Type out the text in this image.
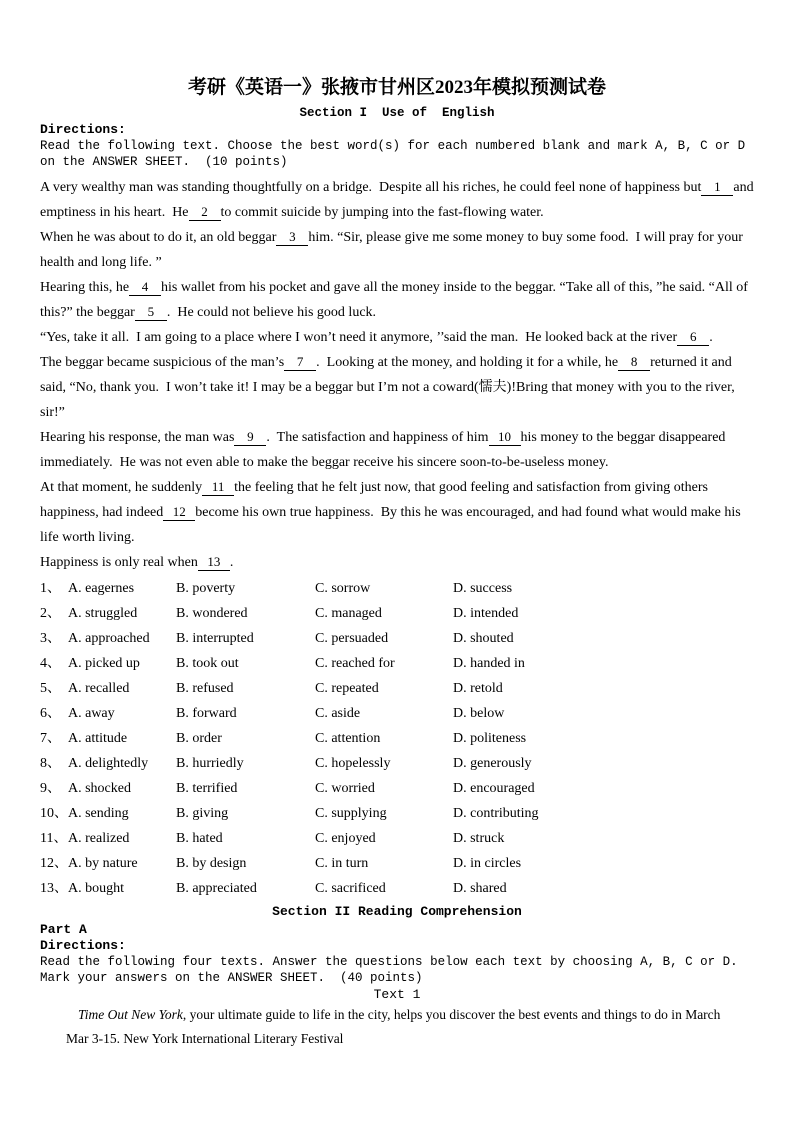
考研《英语一》张掖市甘州区2023年模拟预测试卷
Section I  Use of  English
Directions:
Read the following text. Choose the best word(s) for each numbered blank and mark A, B, C or D on the ANSWER SHEET.  (10 points)

A very wealthy man was standing thoughtfully on a bridge.  Despite all his riches, he could feel none of happiness but 1 and emptiness in his heart.  He 2 to commit suicide by jumping into the fast-flowing water.

When he was about to do it, an old beggar 3 him. “Sir, please give me some money to buy some food.  I will pray for your health and long life. ”

Hearing this, he 4 his wallet from his pocket and gave all the money inside to the beggar. “Take all of this, ”he said. “All of this?” the beggar 5 .  He could not believe his good luck.

“Yes, take it all.  I am going to a place where I won’t need it anymore, ’’said the man.  He looked back at the river 6 .

The beggar became suspicious of the man’s 7 .  Looking at the money, and holding it for a while, he 8 returned it and said, “No, thank you.  I won’t take it! I may be a beggar but I’m not a coward(懦夫)!Bring that money with you to the river, sir!”

Hearing his response, the man was 9 .  The satisfaction and happiness of him 10 his money to the beggar disappeared immediately.  He was not even able to make the beggar receive his sincere soon-to-be-useless money.

At that moment, he suddenly 11 the feeling that he felt just now, that good feeling and satisfaction from giving others happiness, had indeed 12 become his own true happiness.  By this he was encouraged, and had found what would make his life worth living.

Happiness is only real when 13 .

1、 A. eagernes	B. poverty	C. sorrow	D. success
2、 A. struggled	B. wondered	C. managed	D. intended
3、 A. approached	B. interrupted	C. persuaded	D. shouted
4、 A. picked up	B. took out	C. reached for	D. handed in
5、 A. recalled	B. refused	C. repeated	D. retold
6、 A. away	B. forward	C. aside	D. below
7、 A. attitude	B. order	C. attention	D. politeness
8、 A. delightedly	B. hurriedly	C. hopelessly	D. generously
9、 A. shocked	B. terrified	C. worried	D. encouraged
10、 A. sending	B. giving	C. supplying	D. contributing
11、 A. realized	B. hated	C. enjoyed	D. struck
12、 A. by nature	B. by design	C. in turn	D. in circles
13、 A. bought	B. appreciated	C. sacrificed	D. shared
Section II Reading Comprehension
Part A
Directions:
Read the following four texts. Answer the questions below each text by choosing A, B, C or D. Mark your answers on the ANSWER SHEET.  (40 points)
Text 1

Time Out New York, your ultimate guide to life in the city, helps you discover the best events and things to do in March

Mar 3-15. New York International Literary Festival
